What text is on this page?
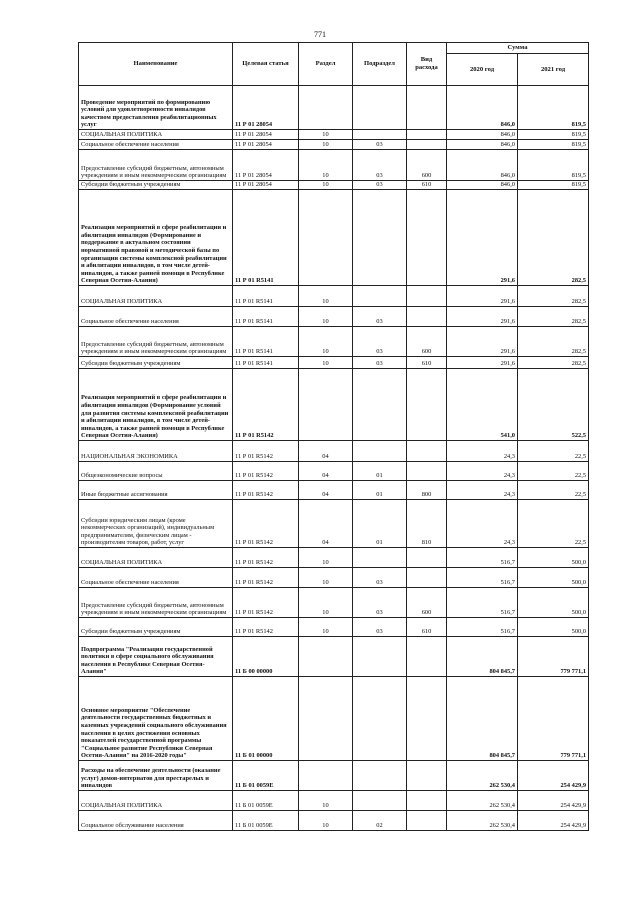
771
Наименование	Целевая статья	Раздел	Подраздел	Вид расхода	Сумма	
					2020 год	2021 год
Проведение мероприятий по формированию условий для удовлетворенности инвалидов качеством предоставления реабилитационных услуг	11 Р 01 28054				846,0	819,5
СОЦИАЛЬНАЯ ПОЛИТИКА	11 Р 01 28054	10			846,0	819,5
Социальное обеспечение населения	11 Р 01 28054	10	03		846,0	819,5
Предоставление субсидий бюджетным, автономным учреждениям и иным некоммерческим организациям	11 Р 01 28054	10	03	600	846,0	819,5
Субсидии бюджетным учреждениям	11 Р 01 28054	10	03	610	846,0	819,5
Реализация мероприятий в сфере реабилитации и абилитации инвалидов (Формирование и поддержание в актуальном состоянии нормативной правовой и методической базы по организации системы комплексной реабилитации и абилитации инвалидов, в том числе детей-инвалидов, а также ранней помощи в Республике Северная Осетия-Алания)	11 Р 01 R5141				291,6	282,5
СОЦИАЛЬНАЯ ПОЛИТИКА	11 Р 01 R5141	10			291,6	282,5
Социальное обеспечение населения	11 Р 01 R5141	10	03		291,6	282,5
Предоставление субсидий бюджетным, автономным учреждениям и иным некоммерческим организациям	11 Р 01 R5141	10	03	600	291,6	282,5
Субсидии бюджетным учреждениям	11 Р 01 R5141	10	03	610	291,6	282,5
Реализация мероприятий в сфере реабилитации и абилитации инвалидов (Формирование условий для развития системы комплексной реабилитации и абилитации инвалидов, в том числе детей-инвалидов, а также ранней помощи в Республике Северная Осетия-Алания)	11 Р 01 R5142				541,0	522,5
НАЦИОНАЛЬНАЯ ЭКОНОМИКА	11 Р 01 R5142	04			24,3	22,5
Общеэкономические вопросы	11 Р 01 R5142	04	01		24,3	22,5
Иные бюджетные ассигнования	11 Р 01 R5142	04	01	800	24,3	22,5
Субсидии юридическим лицам (кроме некоммерческих организаций), индивидуальным предпринимателям, физическим лицам - производителям товаров, работ, услуг	11 Р 01 R5142	04	01	810	24,3	22,5
СОЦИАЛЬНАЯ ПОЛИТИКА	11 Р 01 R5142	10			516,7	500,0
Социальное обеспечение населения	11 Р 01 R5142	10	03		516,7	500,0
Предоставление субсидий бюджетным, автономным учреждениям и иным некоммерческим организациям	11 Р 01 R5142	10	03	600	516,7	500,0
Субсидии бюджетным учреждениям	11 Р 01 R5142	10	03	610	516,7	500,0
Подпрограмма "Реализация государственной политики в сфере социального обслуживания населения в Республике Северная Осетия-Алания"	11 Б 00 00000				804 845,7	779 771,1
Основное мероприятие "Обеспечение деятельности государственных бюджетных и казенных учреждений социального обслуживания населения в целях достижения основных показателей государственной программы "Социальное развитие Республики Северная Осетия-Алания" на 2016-2020 годы"	11 Б 01 00000				804 845,7	779 771,1
Расходы на обеспечение деятельности (оказание услуг) домов-интернатов для престарелых и инвалидов	11 Б 01 0059Е				262 530,4	254 429,9
СОЦИАЛЬНАЯ ПОЛИТИКА	11 Б 01 0059Е	10			262 530,4	254 429,9
Социальное обслуживание населения	11 Б 01 0059Е	10	02		262 530,4	254 429,9
